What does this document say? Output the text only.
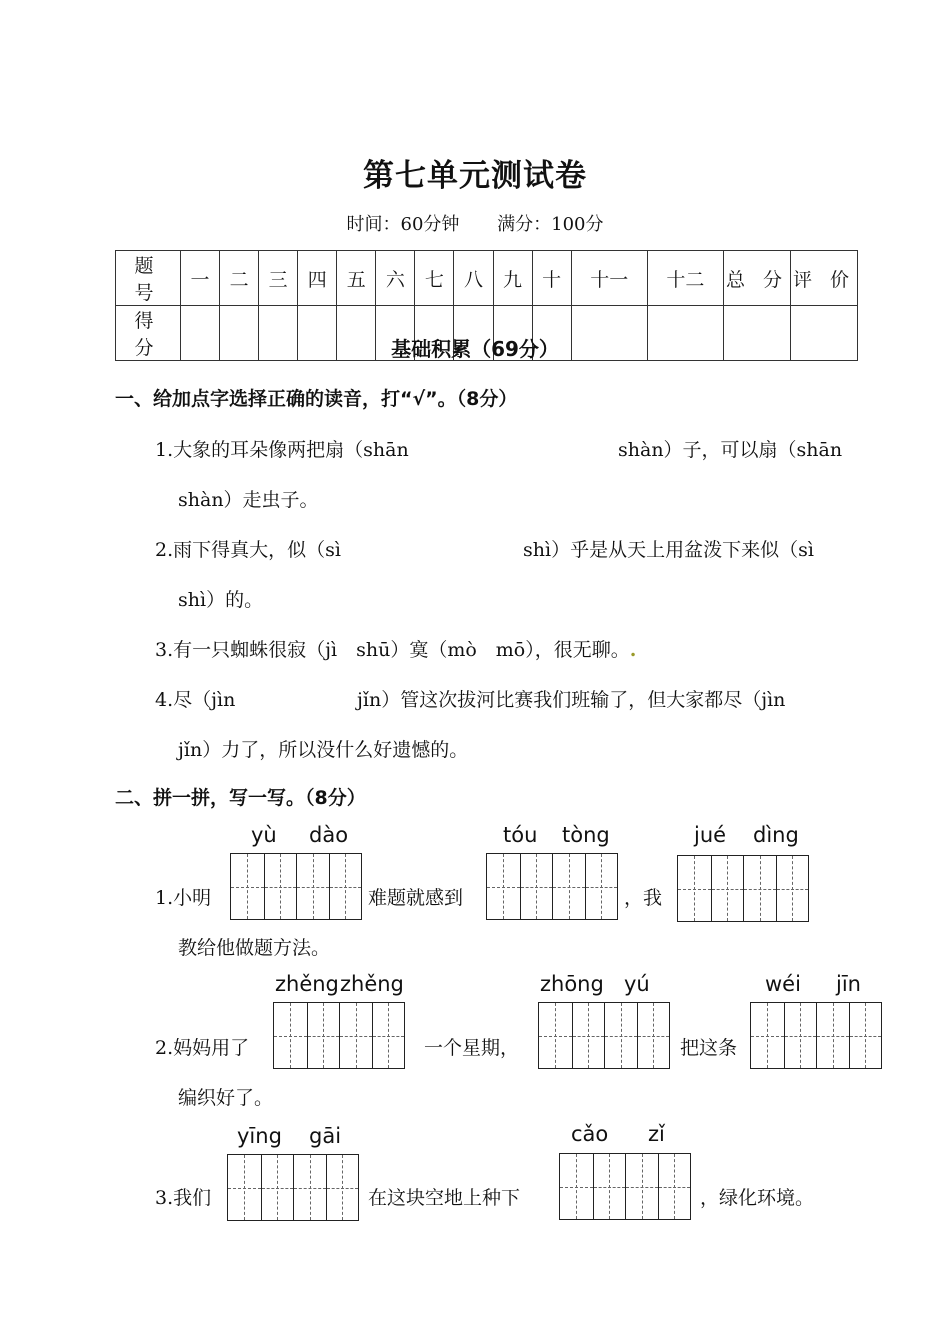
第七单元测试卷
时间：60分钟 满分：100分
题 号	一	二	三	四	五	六	七	八	九	十	十一	十二	总 分	评 价
得 分															基础积累（69分）
一、给加点字选择正确的读音，打“√”。（8分）
1.大象的耳朵像两把扇（shān	shàn）子，可以扇（shān
shàn）走虫子。
2.雨下得真大，似（sì	shì）乎是从天上用盆泼下来似（sì
shì）的。
3.有一只蜘蛛很寂（jì　shū）寞（mò　mō），很无聊。.
4.尽（jìn	jǐn）管这次拔河比赛我们班输了，但大家都尽（jìn
jǐn）力了，所以没什么好遗憾的。
二、拼一拼，写一写。（8分）
yù dào	tóu tòng	jué dìng
1.小明	难题就感到	，我
教给他做题方法。
zhěng zhěng	zhōng yú	wéi jīn
2.妈妈用了	一个星期，	把这条
编织好了。
yīng gāi	cǎo zǐ
3.我们	在这块空地上种下	，绿化环境。
